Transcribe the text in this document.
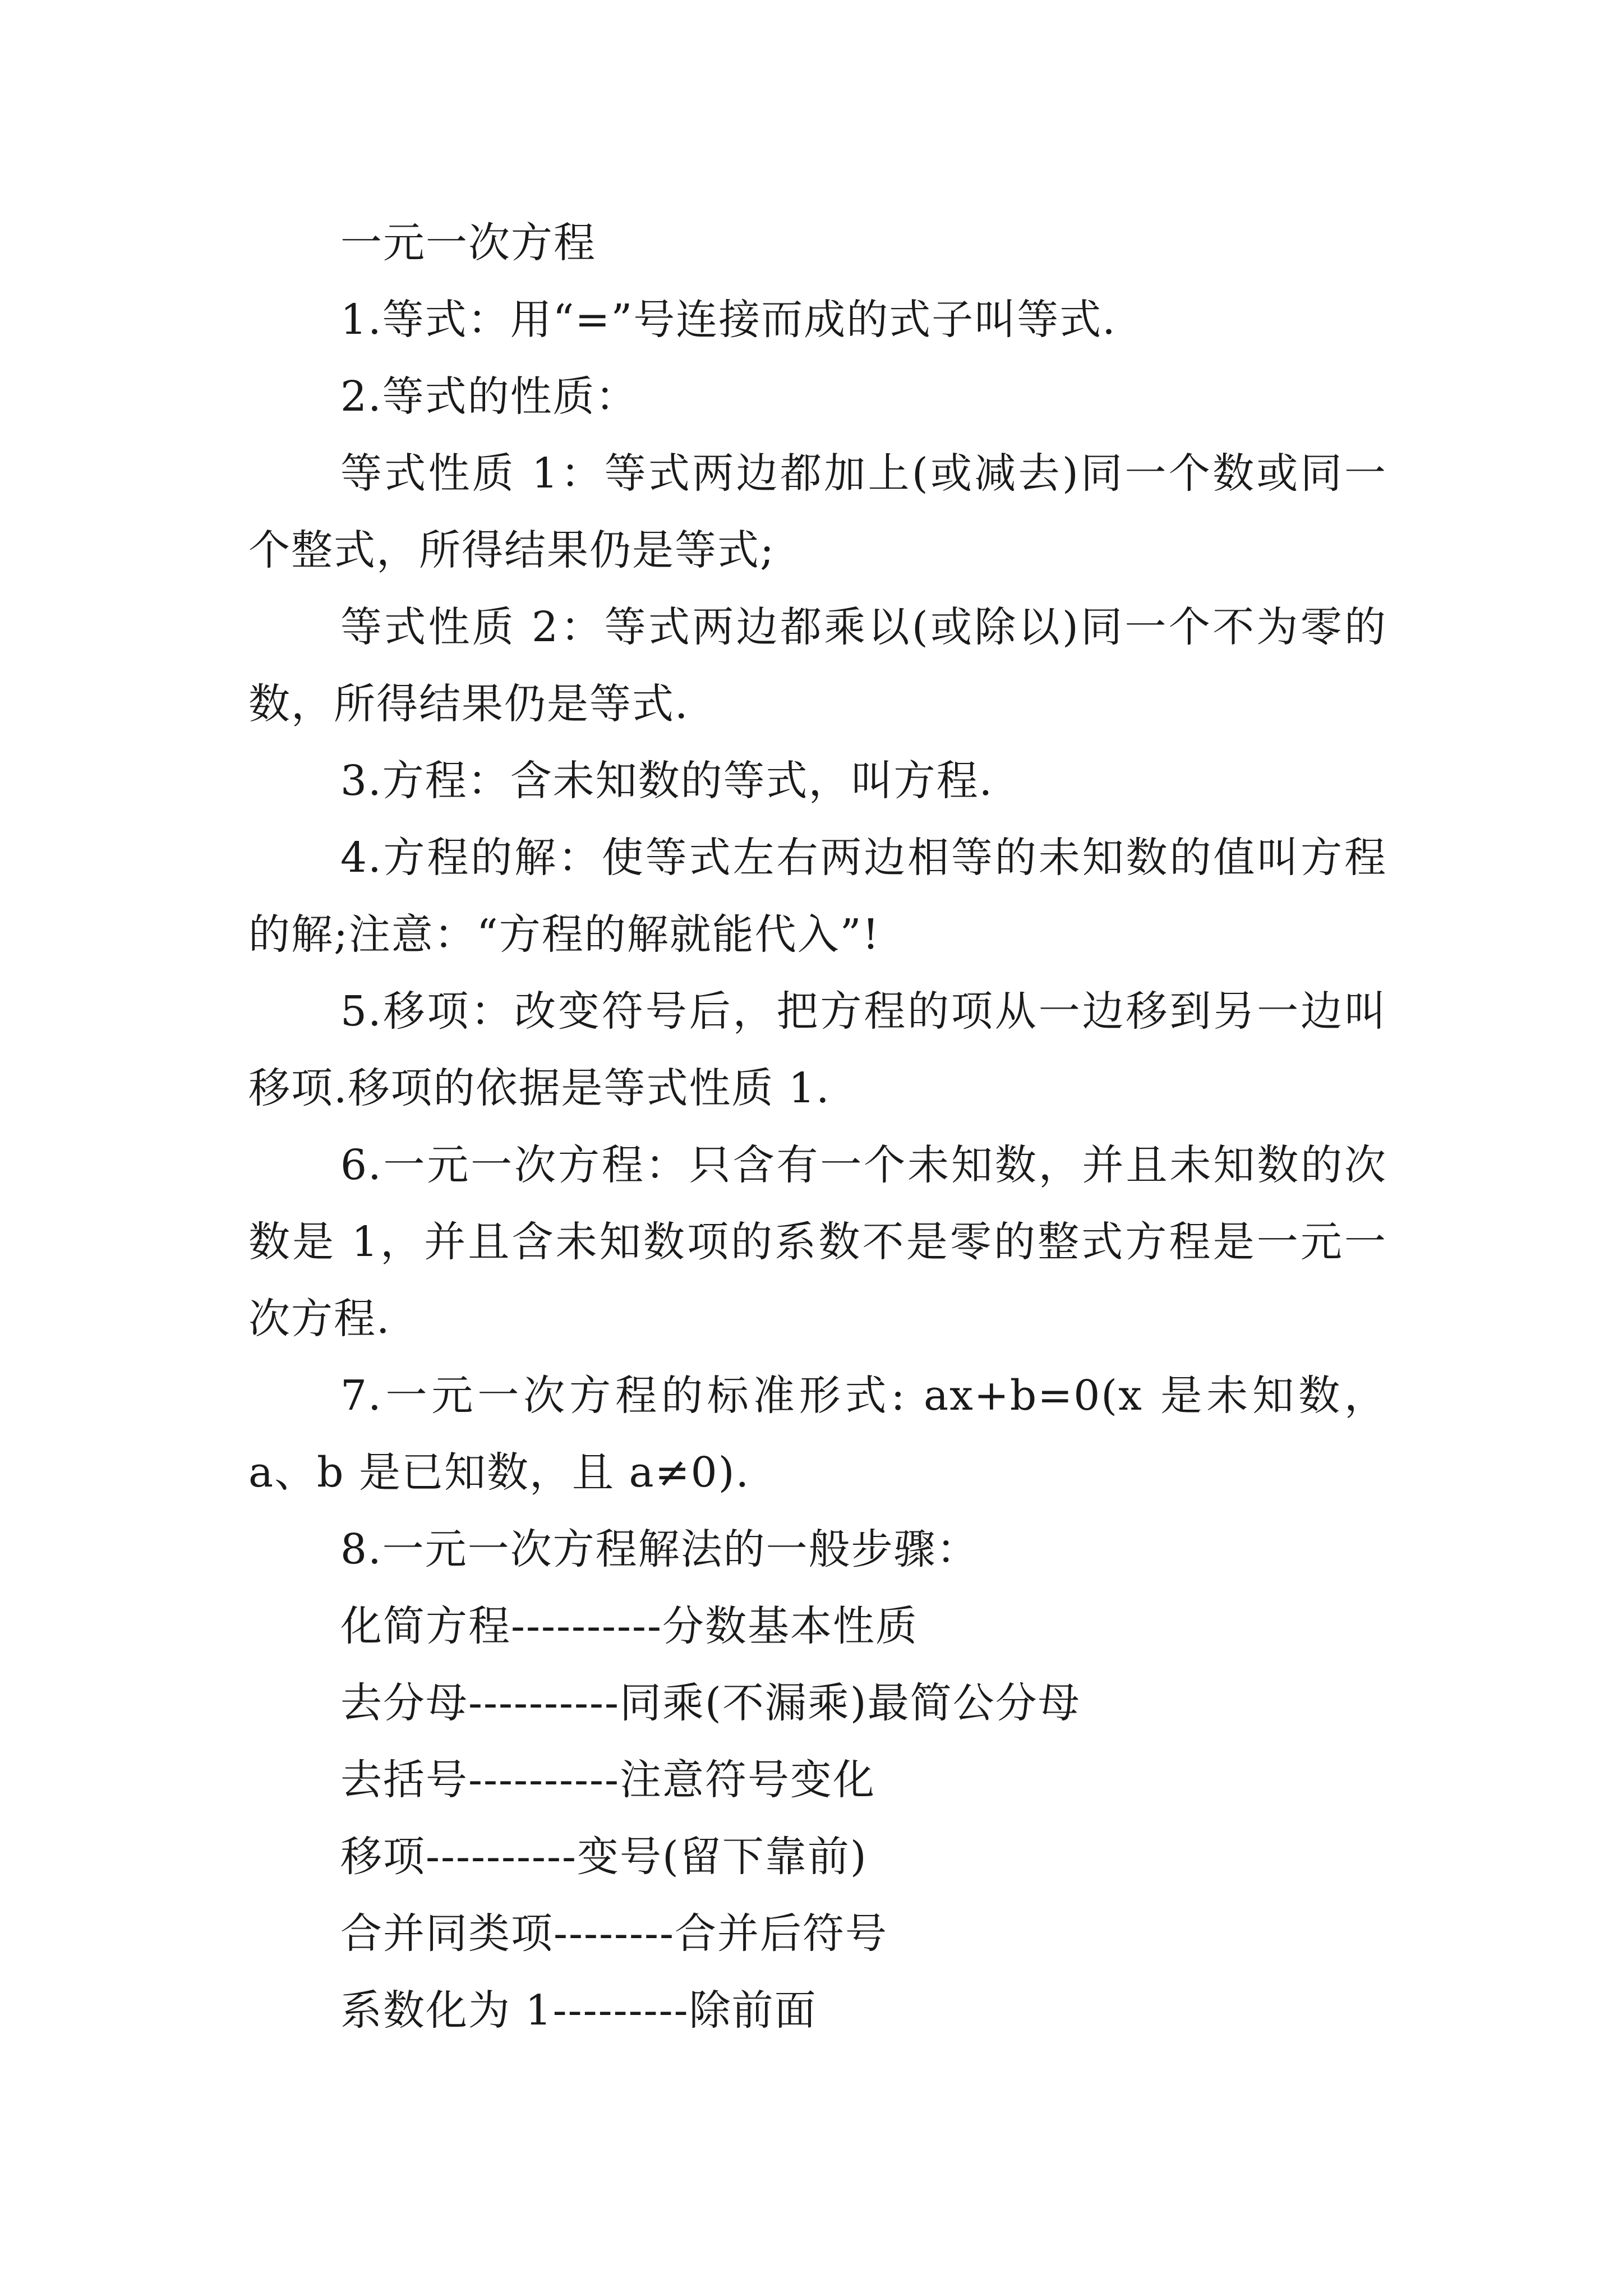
一元一次方程

1.等式：用“=”号连接而成的式子叫等式.

2.等式的性质：

等式性质 1：等式两边都加上(或减去)同一个数或同一个整式，所得结果仍是等式;

等式性质 2：等式两边都乘以(或除以)同一个不为零的数，所得结果仍是等式.

3.方程：含未知数的等式，叫方程.

4.方程的解：使等式左右两边相等的未知数的值叫方程的解;注意：“方程的解就能代入”!

5.移项：改变符号后，把方程的项从一边移到另一边叫移项.移项的依据是等式性质 1.

6.一元一次方程：只含有一个未知数，并且未知数的次数是 1，并且含未知数项的系数不是零的整式方程是一元一次方程.

7.一元一次方程的标准形式: ax+b=0(x 是未知数，a、b 是已知数，且 a≠0).

8.一元一次方程解法的一般步骤：

化简方程----------分数基本性质

去分母----------同乘(不漏乘)最简公分母

去括号----------注意符号变化

移项----------变号(留下靠前)

合并同类项--------合并后符号

系数化为 1---------除前面
